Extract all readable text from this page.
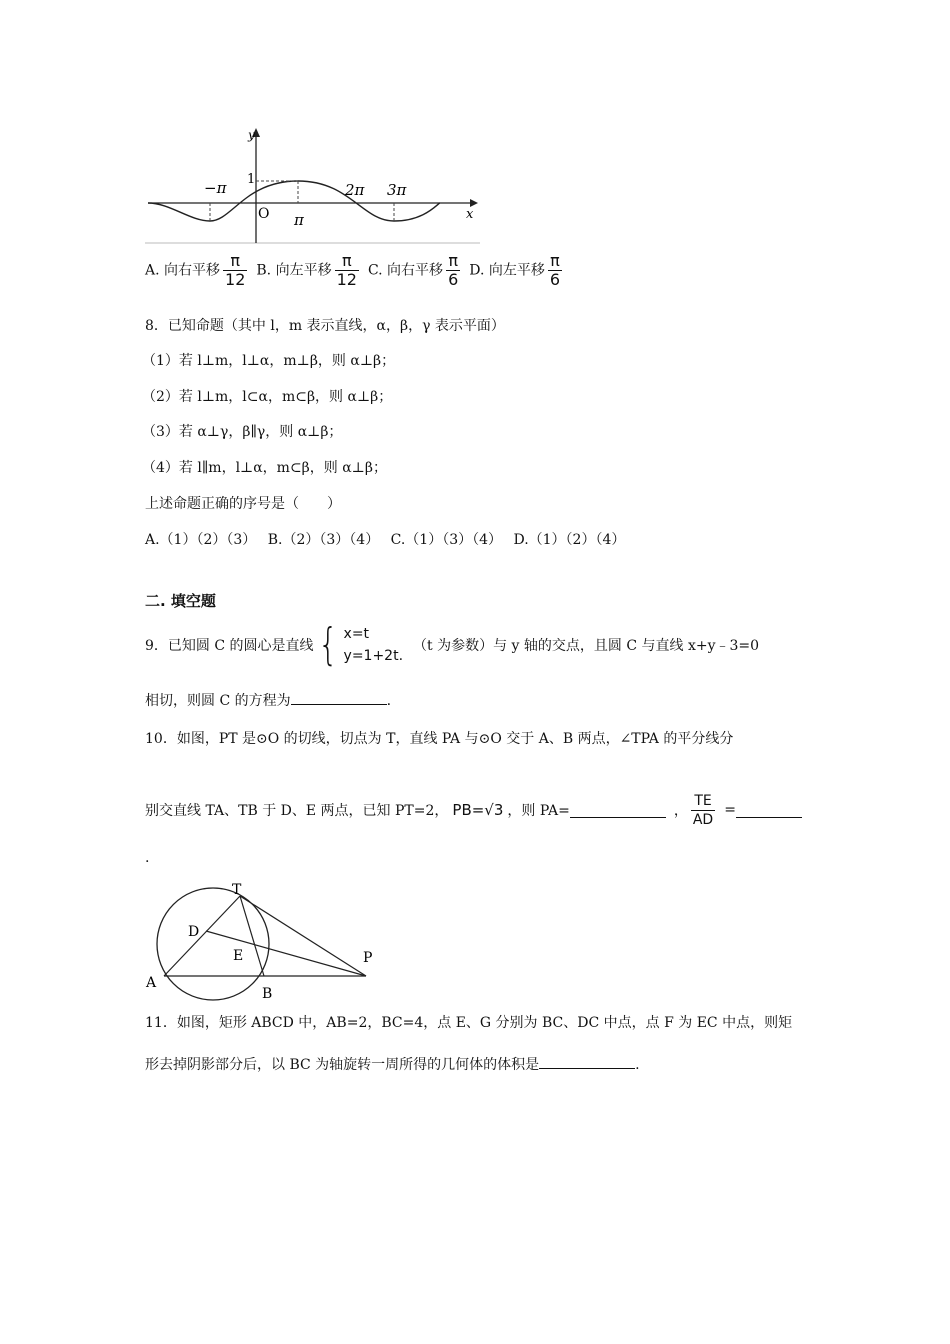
y
x
O
1
−π
π
2π 3π
A. 向右平移 $\frac{\pi}{12} B$. 向左平移 $\frac{\pi}{12} C$. 向右平移 $\frac{\pi}{6} D$. 向左平移 $\frac{\pi}{6}$
8．已知命题（其中 l，m 表示直线，α，β，γ 表示平面）
（1）若 l⊥m，l⊥α，m⊥β，则 α⊥β；
（2）若 l⊥m，l⊂α，m⊂β，则 α⊥β；
（3）若 α⊥γ，β∥γ，则 α⊥β；
（4）若 l∥m，l⊥α，m⊂β，则 α⊥β；
上述命题正确的序号是（　　）
A.（1）（2）（3）　 B.（2）（3）（4）　 C.（1）（3）（4）　 D.（1）（2）（4）
二. 填空题
9．已知圆 C 的圆心是直线 { x=t
y=1+2t.
（t 为参数）与 y 轴的交点，且圆 C 与直线 x+y﹣3=0
相切，则圆 C 的方程为	.
10．如图，PT 是⊙O 的切线，切点为 T，直线 PA 与⊙O 交于 A、B 两点，∠TPA 的平分线分
别交直线 TA、TB 于 D、E 两点，已知 PT=2， PB=√3 ，则 PA=	， $\frac{TE}{AD}$ =
.
T
D
E	P
A
B
11．如图，矩形 ABCD 中，AB=2，BC=4，点 E、G 分别为 BC、DC 中点，点 F 为 EC 中点，则矩
形去掉阴影部分后，以 BC 为轴旋转一周所得的几何体的体积是	.
